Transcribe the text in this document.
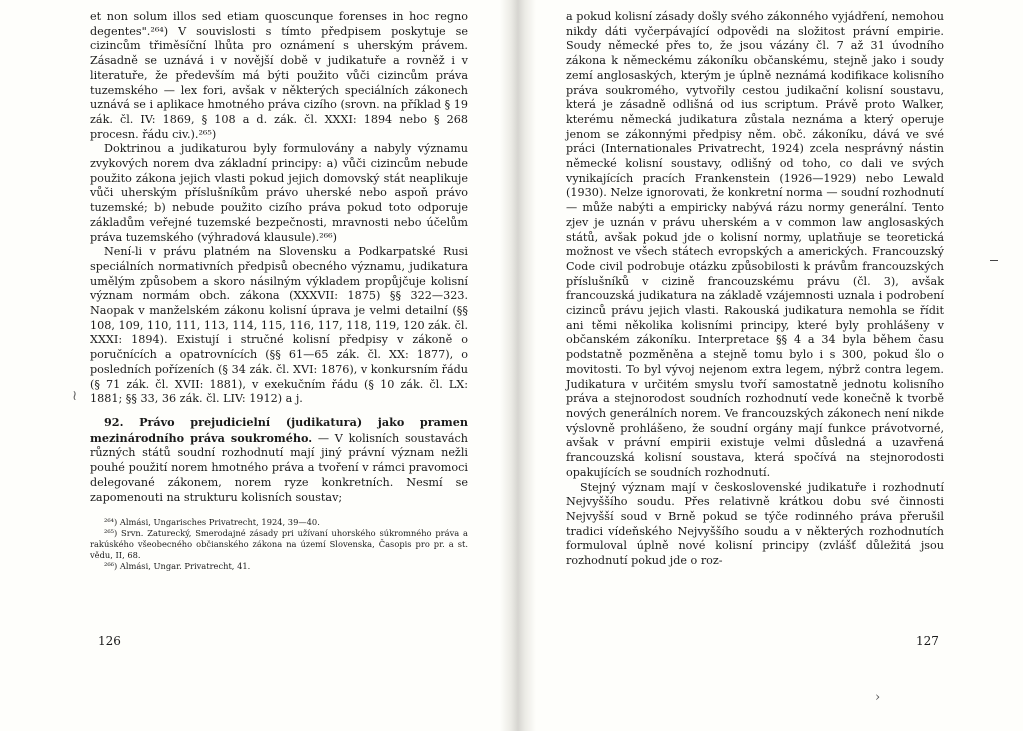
et non solum illos sed etiam quoscunque forenses in hoc regno degentes".²⁶⁴) V souvislosti s tímto předpisem poskytuje se cizincům třiměsíční lhůta pro oznámení s uherským právem. Zásadně se uznává i v novější době v judikatuře a rovněž i v literatuře, že především má býti použito vůči cizincům práva tuzemského — lex fori, avšak v některých speciálních zákonech uznává se i aplikace hmotného práva cizího (srovn. na příklad § 19 zák. čl. IV: 1869, § 108 a d. zák. čl. XXXI: 1894 nebo § 268 procesn. řádu civ.).²⁶⁵)

Doktrinou a judikaturou byly formulovány a nabyly významu zvykových norem dva základní principy: a) vůči cizincům nebude použito zákona jejich vlasti pokud jejich domovský stát neaplikuje vůči uherským příslušníkům právo uherské nebo aspoň právo tuzemské; b) nebude použito cizího práva pokud toto odporuje základům veřejné tuzemské bezpečnosti, mravnosti nebo účelům práva tuzemského (výhradová klausule).²⁶⁶)

Není-li v právu platném na Slovensku a Podkarpatské Rusi speciálních normativních předpisů obecného významu, judikatura umělým způsobem a skoro násilným výkladem propůjčuje kolisní význam normám obch. zákona (XXXVII: 1875) §§ 322—323. Naopak v manželském zákonu kolisní úprava je velmi detailní (§§ 108, 109, 110, 111, 113, 114, 115, 116, 117, 118, 119, 120 zák. čl. XXXI: 1894). Existují i stručné kolisní předpisy v zákoně o poručnících a opatrovnících (§§ 61—65 zák. čl. XX: 1877), o posledních pořízeních (§ 34 zák. čl. XVI: 1876), v konkursním řádu (§ 71 zák. čl. XVII: 1881), v exekučním řádu (§ 10 zák. čl. LX: 1881; §§ 33, 36 zák. čl. LIV: 1912) a j.

92. Právo prejudicielní (judikatura) jako pramen mezinárodního práva soukromého. — V kolisních soustavách různých států soudní rozhodnutí mají jiný právní význam nežli pouhé použití norem hmotného práva a tvoření v rámci pravomoci delegované zákonem, norem ryze konkretních. Nesmí se zapomenouti na strukturu kolisních soustav;

²⁶⁴) Almási, Ungarisches Privatrecht, 1924, 39—40.

²⁶⁵) Srvn. Zaturecký, Smerodajné zásady pri užívaní uhorského súkromného práva a rakúského všeobecného občianského zákona na území Slovenska, Časopis pro pr. a st. vědu, II, 68.

²⁶⁶) Almási, Ungar. Privatrecht, 41.

a pokud kolisní zásady došly svého zákonného vyjádření, nemohou nikdy dáti vyčerpávající odpovědi na složitost právní empirie. Soudy německé přes to, že jsou vázány čl. 7 až 31 úvodního zákona k německému zákoníku občanskému, stejně jako i soudy zemí anglosaských, kterým je úplně neznámá kodifikace kolisního práva soukromého, vytvořily cestou judikační kolisní soustavu, která je zásadně odlišná od ius scriptum. Právě proto Walker, kterému německá judikatura zůstala neznáma a který operuje jenom se zákonnými předpisy něm. obč. zákoníku, dává ve své práci (Internationales Privatrecht, 1924) zcela nesprávný nástin německé kolisní soustavy, odlišný od toho, co dali ve svých vynikajících pracích Frankenstein (1926—1929) nebo Lewald (1930). Nelze ignorovati, že konkretní norma — soudní rozhodnutí — může nabýti a empiricky nabývá rázu normy generální. Tento zjev je uznán v právu uherském a v common law anglosaských států, avšak pokud jde o kolisní normy, uplatňuje se teoretická možnost ve všech státech evropských a amerických. Francouzský Code civil podrobuje otázku způsobilosti k právům francouzských příslušníků v cizině francouzskému právu (čl. 3), avšak francouzská judikatura na základě vzájemnosti uznala i podrobení cizinců právu jejich vlasti. Rakouská judikatura nemohla se řídit ani těmi několika kolisními principy, které byly prohlášeny v občanském zákoníku. Interpretace §§ 4 a 34 byla během času podstatně pozměněna a stejně tomu bylo i s 300, pokud šlo o movitosti. To byl vývoj nejenom extra legem, nýbrž contra legem. Judikatura v určitém smyslu tvoří samostatně jednotu kolisního práva a stejnorodost soudních rozhodnutí vede konečně k tvorbě nových generálních norem. Ve francouzských zákonech není nikde výslovně prohlášeno, že soudní orgány mají funkce právotvorné, avšak v právní empirii existuje velmi důsledná a uzavřená francouzská kolisní soustava, která spočívá na stejnorodosti opakujících se soudních rozhodnutí.

Stejný význam mají v československé judikatuře i rozhodnutí Nejvyššího soudu. Přes relativně krátkou dobu své činnosti Nejvyšší soud v Brně pokud se týče rodinného práva přerušil tradici vídeňského Nejvyššího soudu a v některých rozhodnutích formuloval úplně nové kolisní principy (zvlášť důležitá jsou rozhodnutí pokud jde o roz-

126	127
›
≀
